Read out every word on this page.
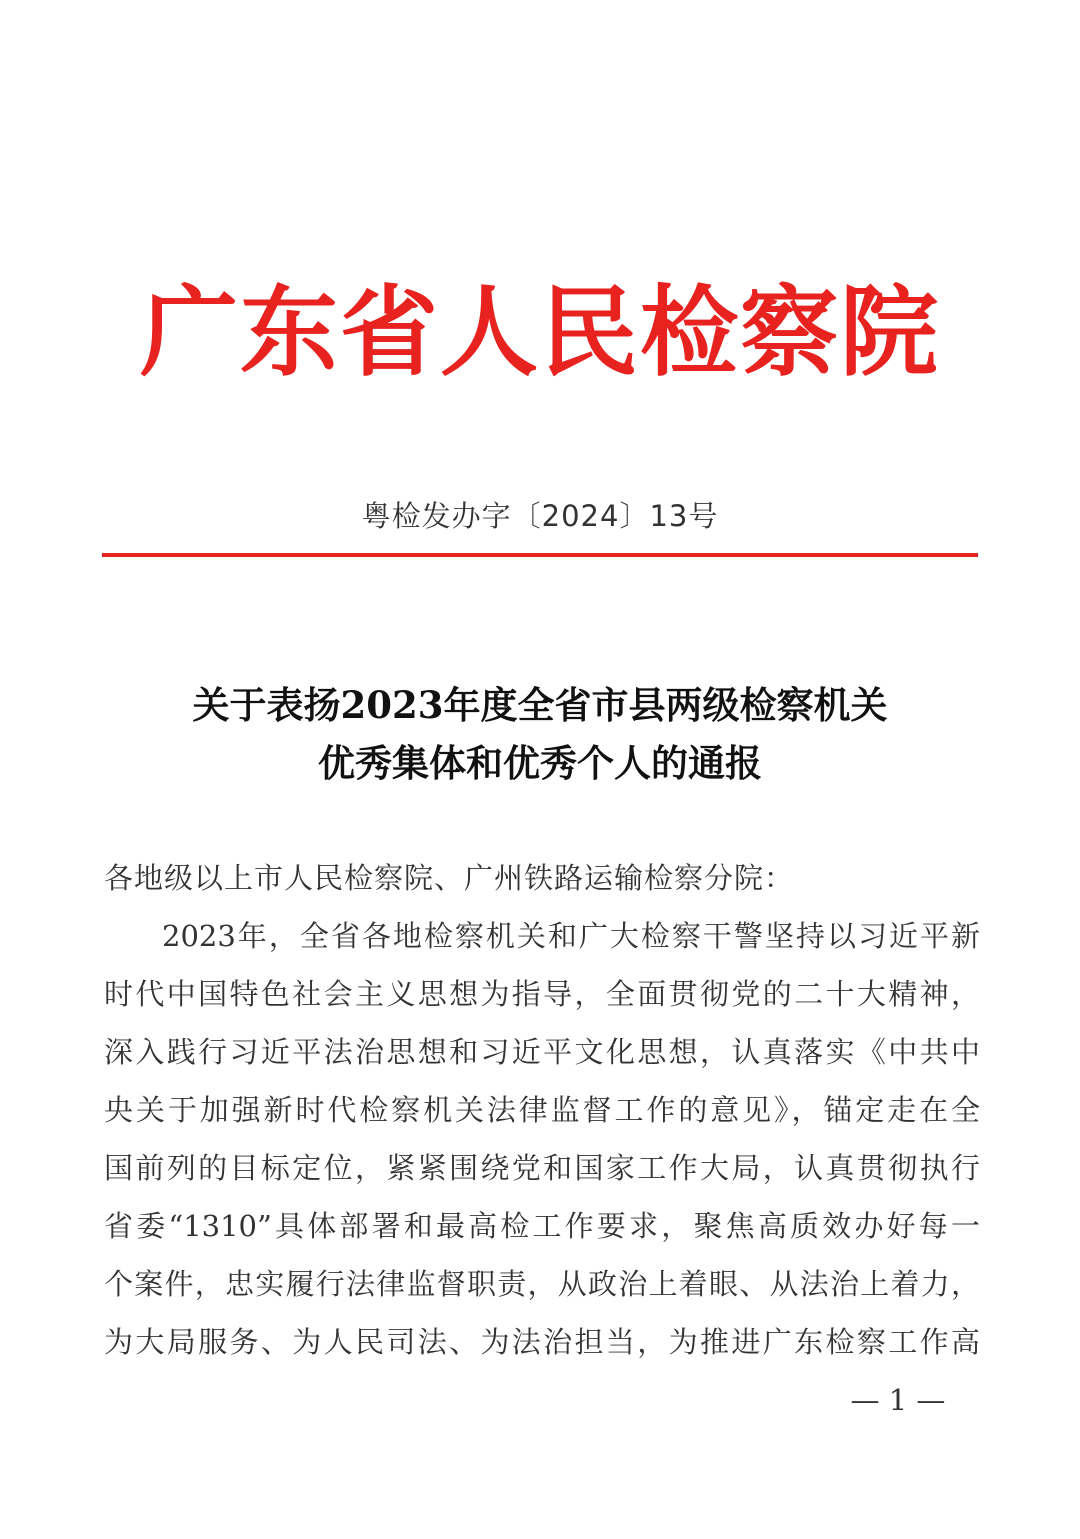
广东省人民检察院
粤检发办字〔2024〕13号
关于表扬2023年度全省市县两级检察机关
优秀集体和优秀个人的通报
各地级以上市人民检察院、广州铁路运输检察分院：
2023年，全省各地检察机关和广大检察干警坚持以习近平新
时代中国特色社会主义思想为指导，全面贯彻党的二十大精神，
深入践行习近平法治思想和习近平文化思想，认真落实《中共中
央关于加强新时代检察机关法律监督工作的意见》，锚定走在全
国前列的目标定位，紧紧围绕党和国家工作大局，认真贯彻执行
省委“1310”具体部署和最高检工作要求，聚焦高质效办好每一
个案件，忠实履行法律监督职责，从政治上着眼、从法治上着力，
为大局服务、为人民司法、为法治担当，为推进广东检察工作高
— 1 —
